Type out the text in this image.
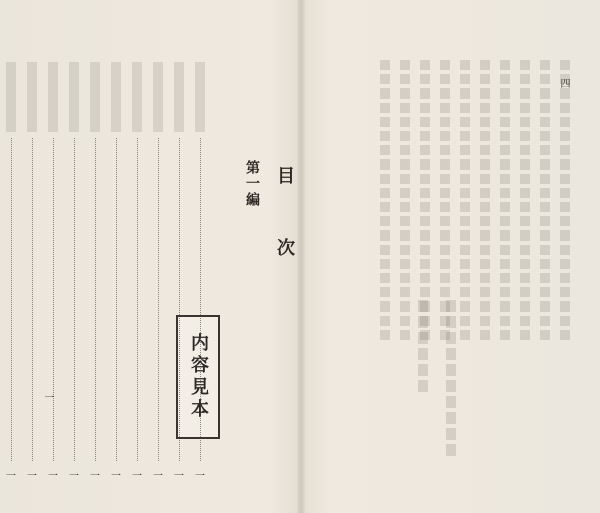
四
目 次
第一編
内容見本
一
一
一
一
一
一
一
一
一
一
一
